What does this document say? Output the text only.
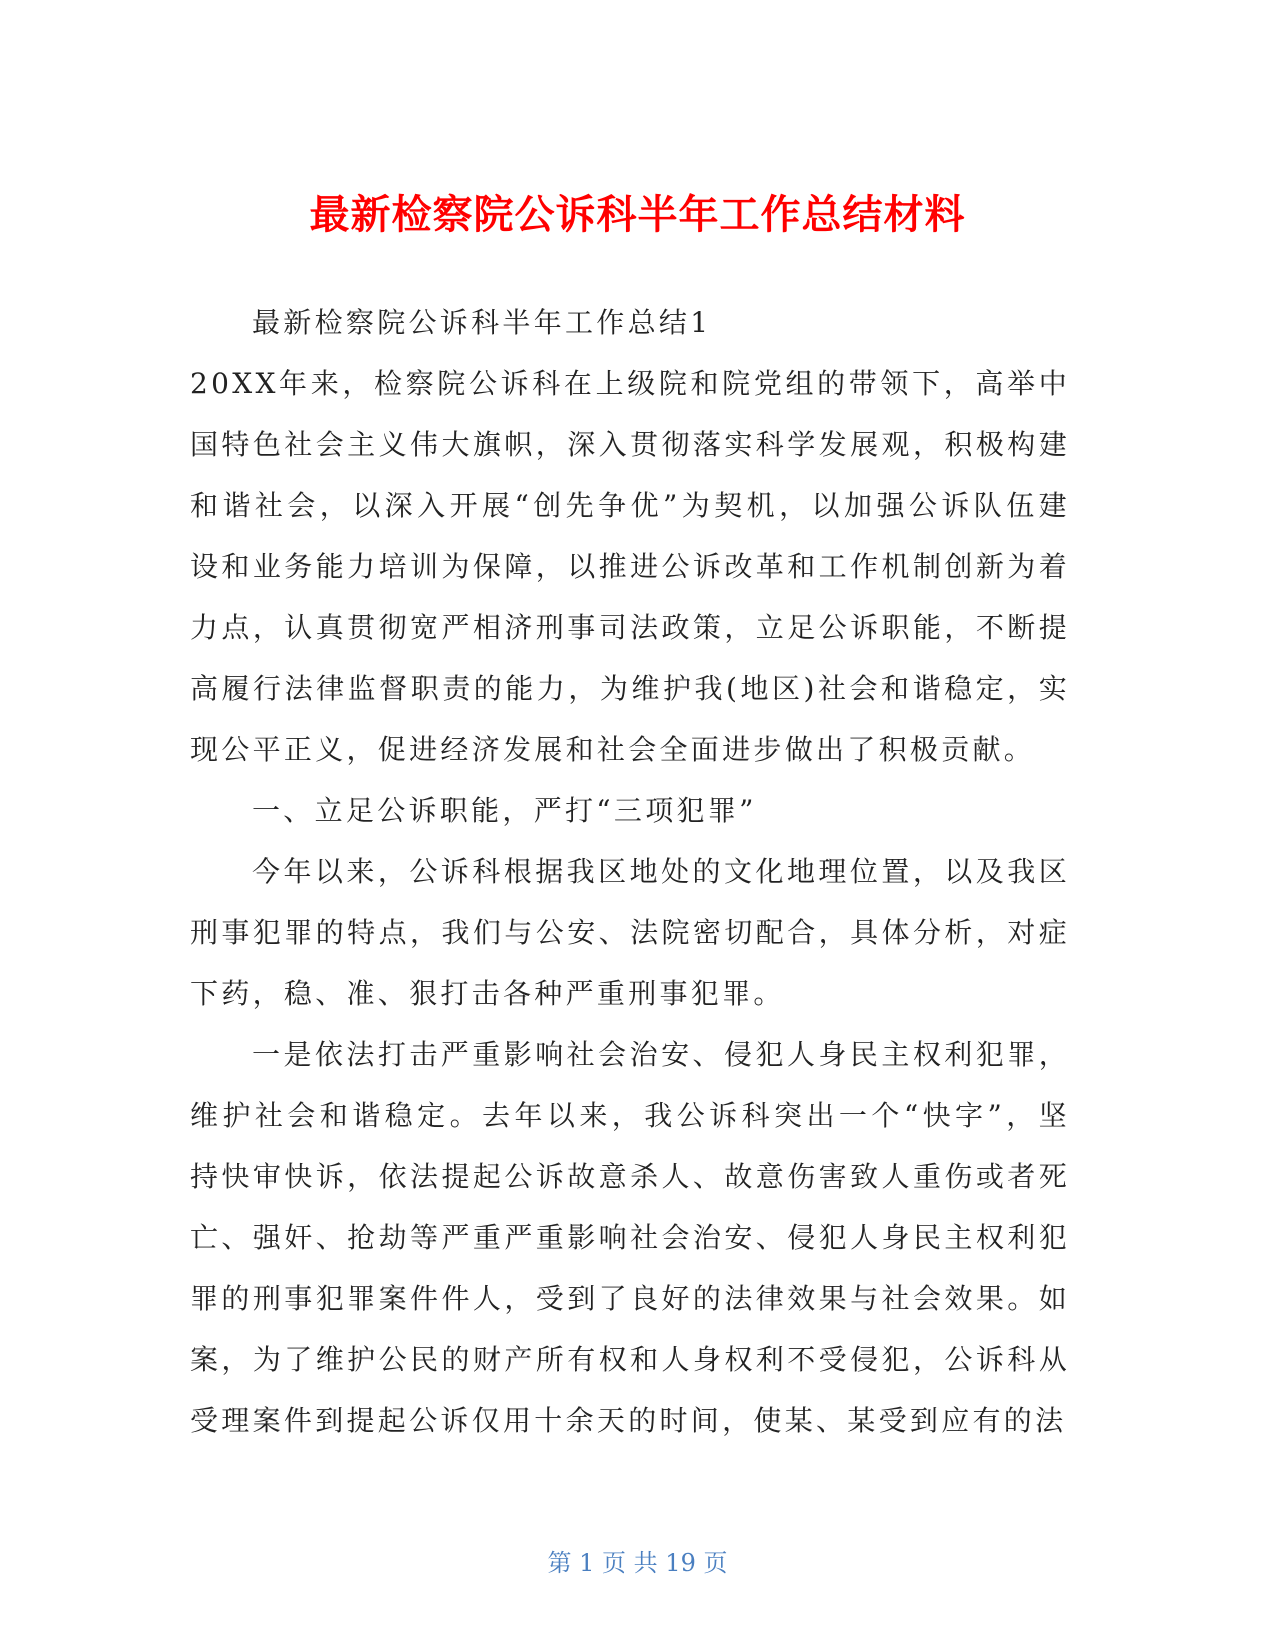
最新检察院公诉科半年工作总结材料

最新检察院公诉科半年工作总结1

20XX年来，检察院公诉科在上级院和院党组的带领下，高举中国特色社会主义伟大旗帜，深入贯彻落实科学发展观，积极构建和谐社会，以深入开展“创先争优”为契机，以加强公诉队伍建设和业务能力培训为保障，以推进公诉改革和工作机制创新为着力点，认真贯彻宽严相济刑事司法政策，立足公诉职能，不断提高履行法律监督职责的能力，为维护我(地区)社会和谐稳定，实现公平正义，促进经济发展和社会全面进步做出了积极贡献。

一、立足公诉职能，严打“三项犯罪”

今年以来，公诉科根据我区地处的文化地理位置，以及我区刑事犯罪的特点，我们与公安、法院密切配合，具体分析，对症下药，稳、准、狠打击各种严重刑事犯罪。

一是依法打击严重影响社会治安、侵犯人身民主权利犯罪，维护社会和谐稳定。去年以来，我公诉科突出一个“快字”，坚持快审快诉，依法提起公诉故意杀人、故意伤害致人重伤或者死亡、强奸、抢劫等严重严重影响社会治安、侵犯人身民主权利犯罪的刑事犯罪案件件人，受到了良好的法律效果与社会效果。如案，为了维护公民的财产所有权和人身权利不受侵犯，公诉科从受理案件到提起公诉仅用十余天的时间，使某、某受到应有的法

第 1 页 共 19 页
